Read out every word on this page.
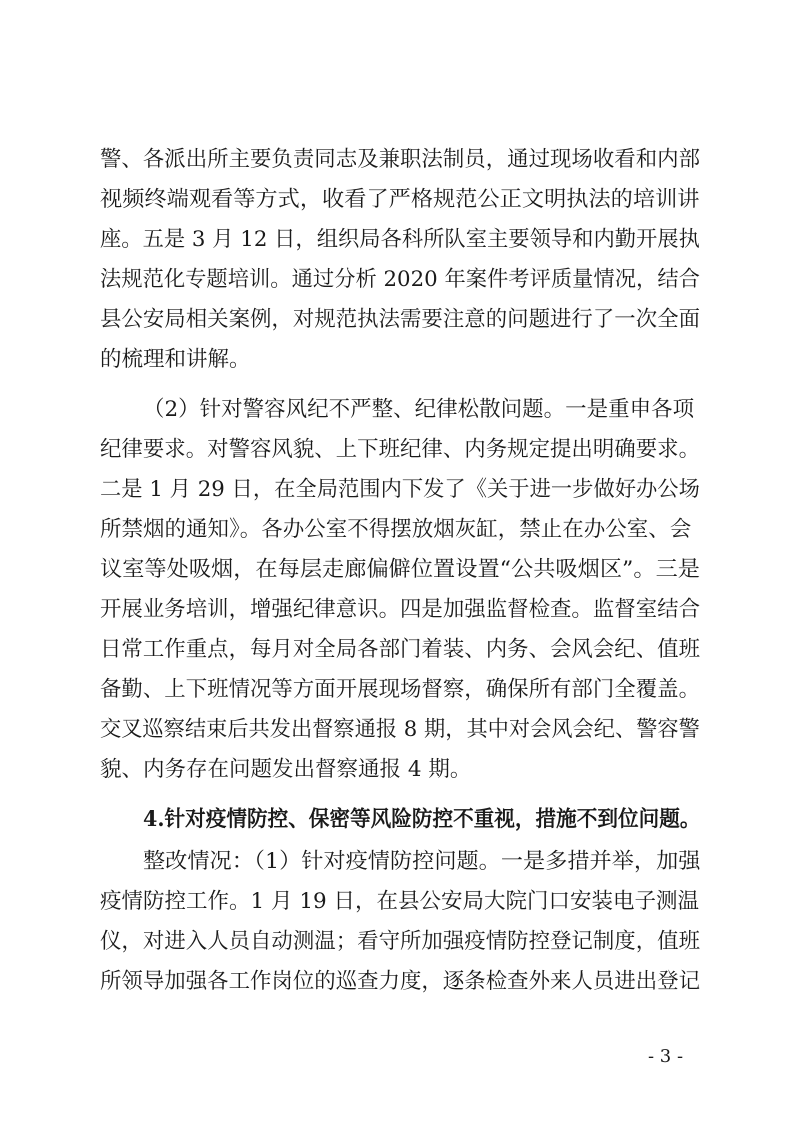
警、各派出所主要负责同志及兼职法制员，通过现场收看和内部
视频终端观看等方式，收看了严格规范公正文明执法的培训讲
座。五是 3 月 12 日，组织局各科所队室主要领导和内勤开展执
法规范化专题培训。通过分析 2020 年案件考评质量情况，结合
县公安局相关案例，对规范执法需要注意的问题进行了一次全面
的梳理和讲解。
（2）针对警容风纪不严整、纪律松散问题。一是重申各项
纪律要求。对警容风貌、上下班纪律、内务规定提出明确要求。
二是 1 月 29 日，在全局范围内下发了《关于进一步做好办公场
所禁烟的通知》。各办公室不得摆放烟灰缸，禁止在办公室、会
议室等处吸烟，在每层走廊偏僻位置设置“公共吸烟区”。三是
开展业务培训，增强纪律意识。四是加强监督检查。监督室结合
日常工作重点，每月对全局各部门着装、内务、会风会纪、值班
备勤、上下班情况等方面开展现场督察，确保所有部门全覆盖。
交叉巡察结束后共发出督察通报 8 期，其中对会风会纪、警容警
貌、内务存在问题发出督察通报 4 期。
4.针对疫情防控、保密等风险防控不重视，措施不到位问题。
整改情况：（1）针对疫情防控问题。一是多措并举，加强
疫情防控工作。1 月 19 日，在县公安局大院门口安装电子测温
仪，对进入人员自动测温；看守所加强疫情防控登记制度，值班
所领导加强各工作岗位的巡查力度，逐条检查外来人员进出登记
- 3 -
